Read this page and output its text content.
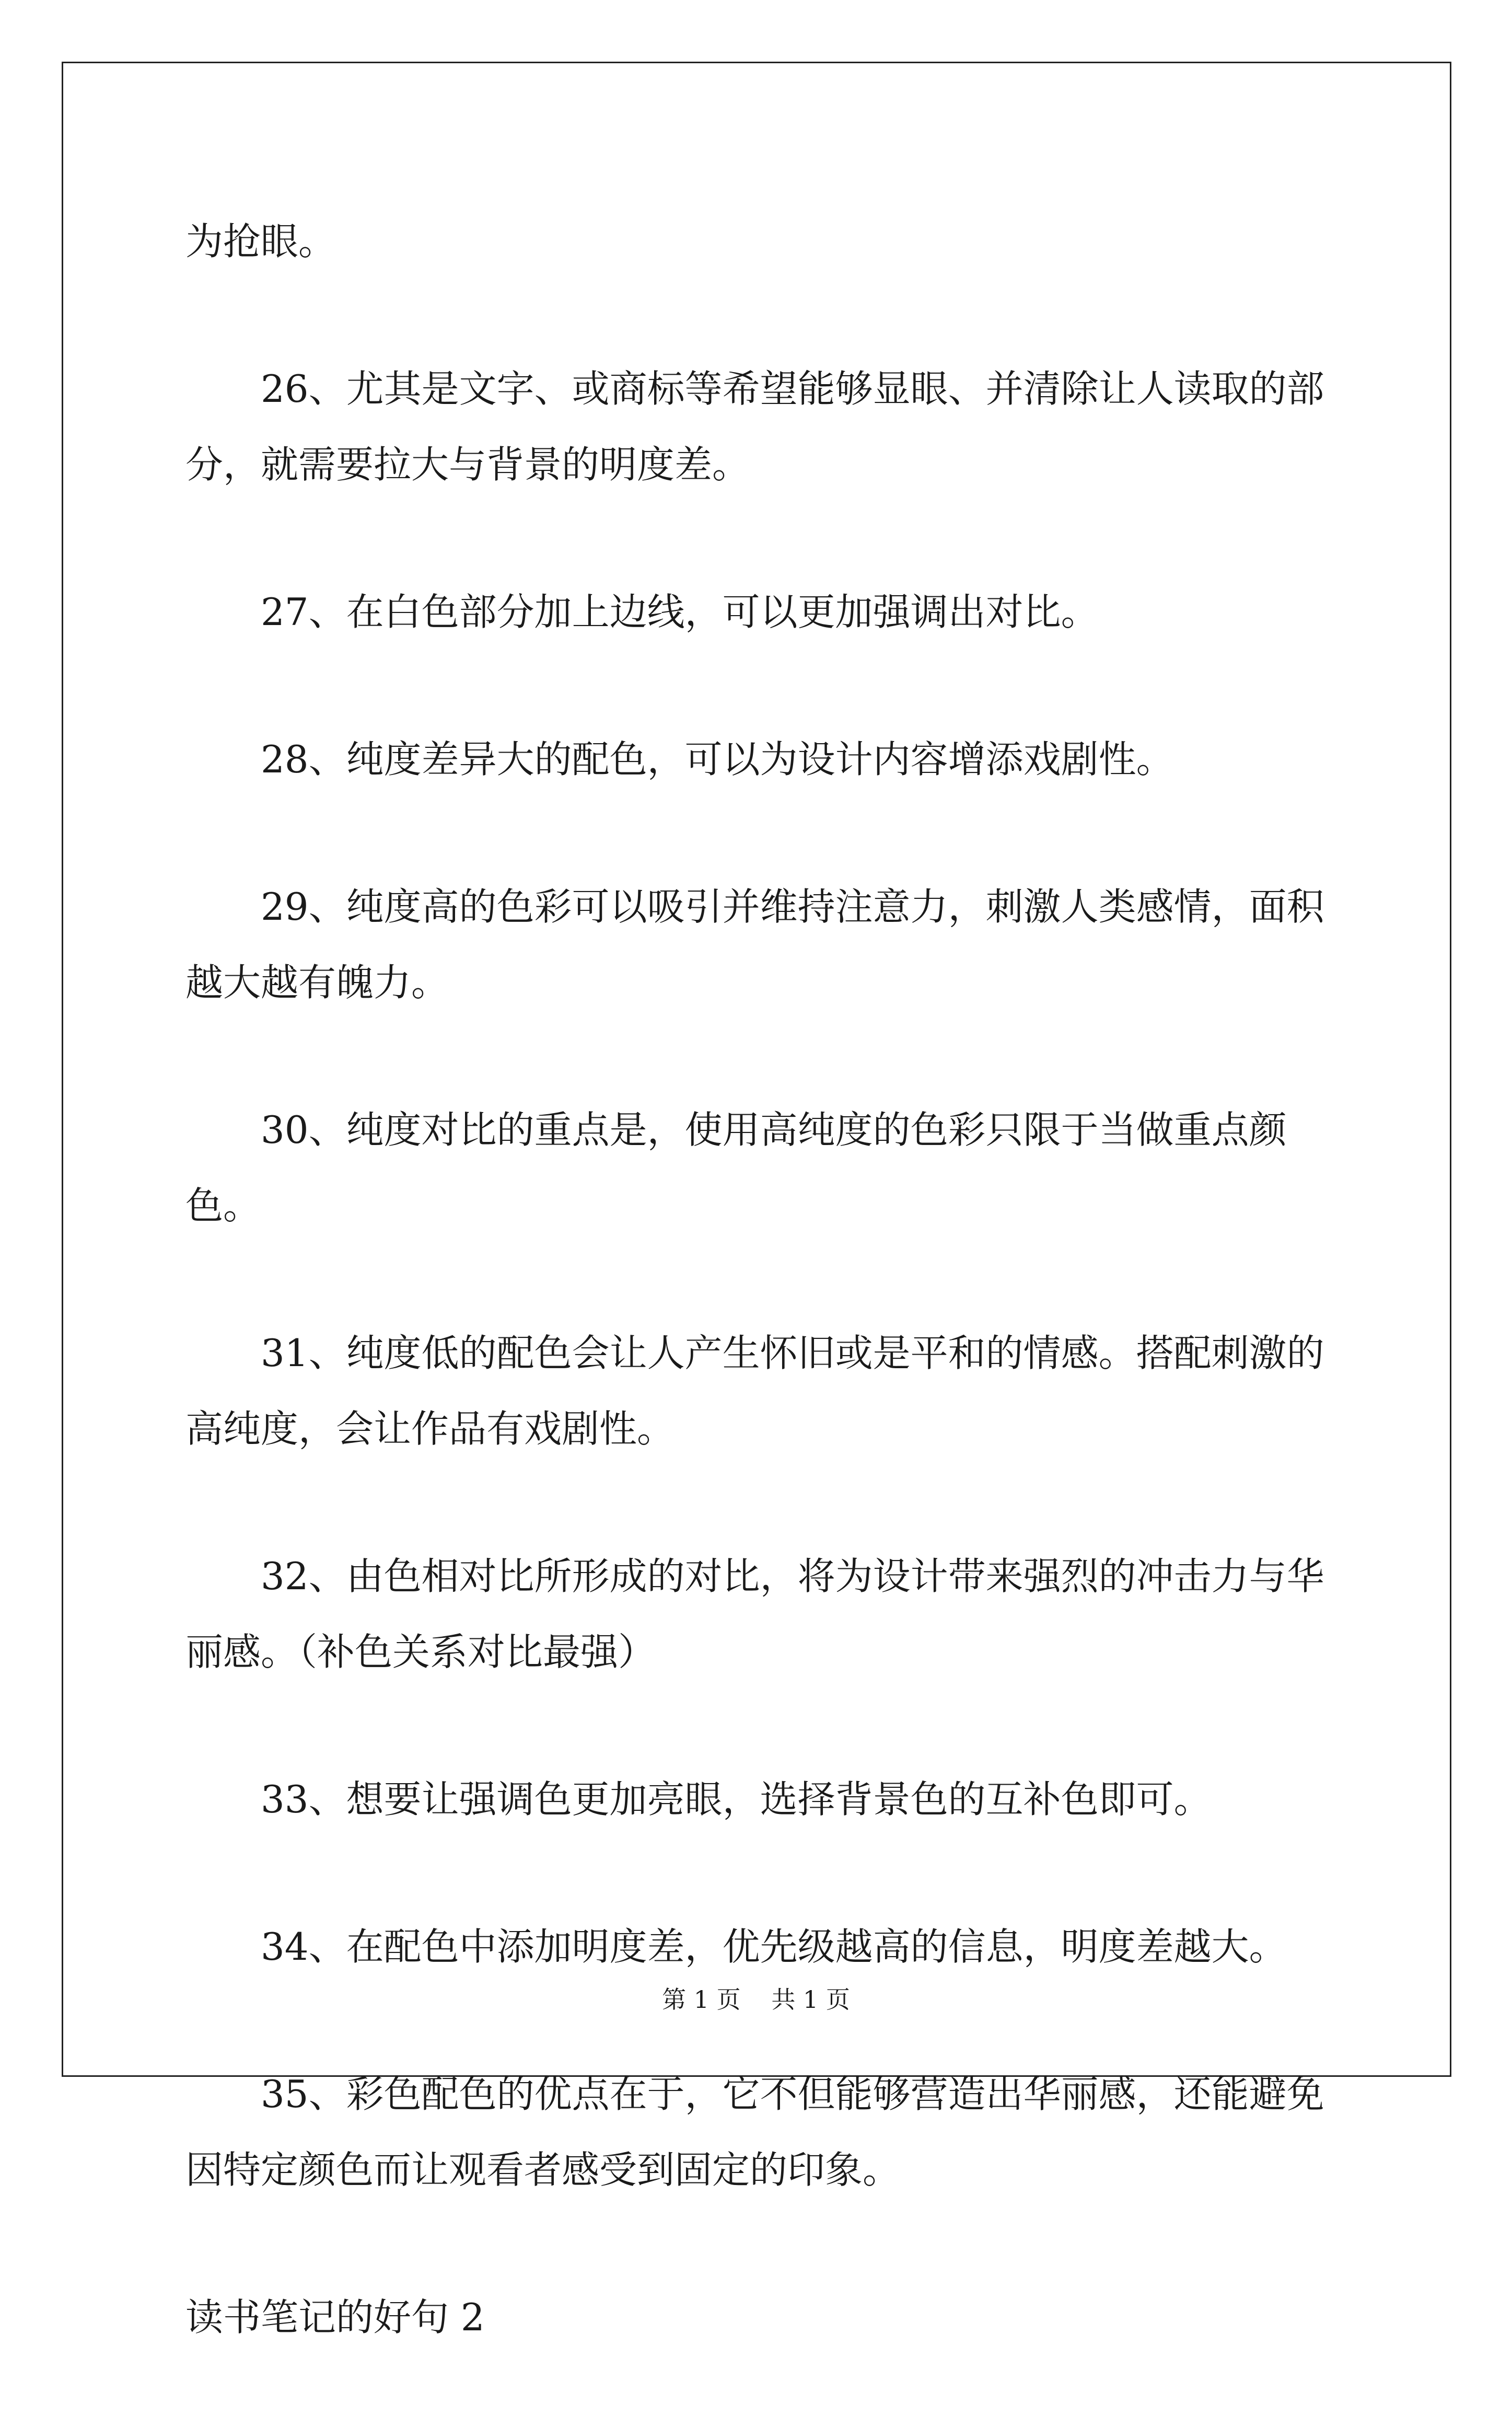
为抢眼。

26、尤其是文字、或商标等希望能够显眼、并清除让人读取的部分，就需要拉大与背景的明度差。

27、在白色部分加上边线，可以更加强调出对比。

28、纯度差异大的配色，可以为设计内容增添戏剧性。

29、纯度高的色彩可以吸引并维持注意力，刺激人类感情，面积越大越有魄力。

30、纯度对比的重点是，使用高纯度的色彩只限于当做重点颜色。

31、纯度低的配色会让人产生怀旧或是平和的情感。搭配刺激的高纯度，会让作品有戏剧性。

32、由色相对比所形成的对比，将为设计带来强烈的冲击力与华丽感。（补色关系对比最强）

33、想要让强调色更加亮眼，选择背景色的互补色即可。

34、在配色中添加明度差，优先级越高的信息，明度差越大。

35、彩色配色的优点在于，它不但能够营造出华丽感，还能避免因特定颜色而让观看者感受到固定的印象。

读书笔记的好句 2

第 1 页 共 1 页
